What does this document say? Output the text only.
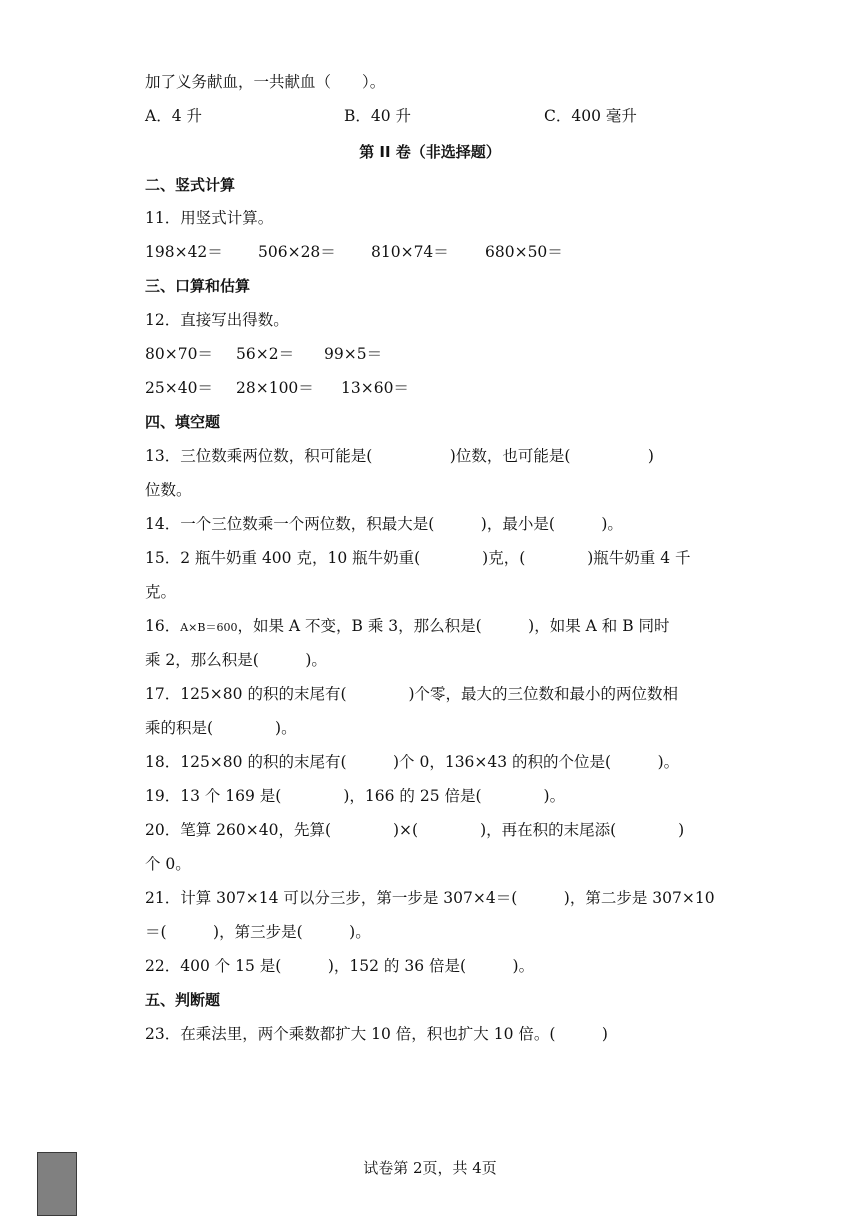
加了义务献血，一共献血（　　）。
A．4 升	B．40 升	C．400 毫升
第 II 卷（非选择题）
二、竖式计算
11．用竖式计算。
198×42＝ 506×28＝ 810×74＝ 680×50＝
三、口算和估算
12．直接写出得数。
80×70＝ 56×2＝ 99×5＝
25×40＝ 28×100＝ 13×60＝
四、填空题
13．三位数乘两位数，积可能是(　　　　　)位数，也可能是(　　　　　)
位数。
14．一个三位数乘一个两位数，积最大是(　　　)，最小是(　　　)。
15．2 瓶牛奶重 400 克，10 瓶牛奶重(　　　　)克，(　　　　)瓶牛奶重 4 千
克。
16．A×B＝600，如果 A 不变，B 乘 3，那么积是(　　　)，如果 A 和 B 同时
乘 2，那么积是(　　　)。
17．125×80 的积的末尾有(　　　　)个零，最大的三位数和最小的两位数相
乘的积是(　　　　)。
18．125×80 的积的末尾有(　　　)个 0，136×43 的积的个位是(　　　)。
19．13 个 169 是(　　　　)，166 的 25 倍是(　　　　)。
20．笔算 260×40，先算(　　　　)×(　　　　)，再在积的末尾添(　　　　)
个 0。
21．计算 307×14 可以分三步，第一步是 307×4＝(　　　)，第二步是 307×10
＝(　　　)，第三步是(　　　)。
22．400 个 15 是(　　　)，152 的 36 倍是(　　　)。
五、判断题
23．在乘法里，两个乘数都扩大 10 倍，积也扩大 10 倍。(　　　)
试卷第 2页，共 4页
